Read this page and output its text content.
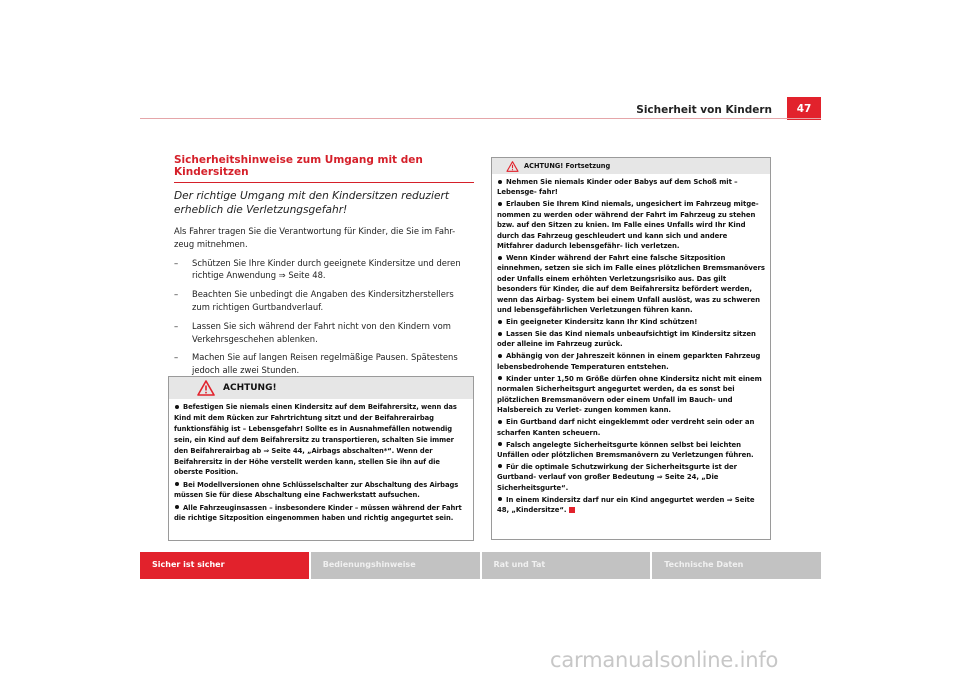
Sicherheit von Kindern	47
Sicherheitshinweise zum Umgang mit den Kindersitzen

Der richtige Umgang mit den Kindersitzen reduziert erheblich die Verletzungsgefahr!

Als Fahrer tragen Sie die Verantwortung für Kinder, die Sie im Fahr- zeug mitnehmen.

– Schützen Sie Ihre Kinder durch geeignete Kindersitze und deren richtige Anwendung ⇒ Seite 48.
– Beachten Sie unbedingt die Angaben des Kindersitzherstellers zum richtigen Gurtbandverlauf.
– Lassen Sie sich während der Fahrt nicht von den Kindern vom Verkehrsgeschehen ablenken.
– Machen Sie auf langen Reisen regelmäßige Pausen. Spätestens jedoch alle zwei Stunden.
ACHTUNG!
Befestigen Sie niemals einen Kindersitz auf dem Beifahrersitz, wenn das Kind mit dem Rücken zur Fahrtrichtung sitzt und der Beifahrerairbag funktionsfähig ist – Lebensgefahr! Sollte es in Ausnahmefällen notwendig sein, ein Kind auf dem Beifahrersitz zu transportieren, schalten Sie immer den Beifahrerairbag ab ⇒ Seite 44, „Airbags abschalten*“. Wenn der Beifahrersitz in der Höhe verstellt werden kann, stellen Sie ihn auf die oberste Position.
Bei Modellversionen ohne Schlüsselschalter zur Abschaltung des Airbags müssen Sie für diese Abschaltung eine Fachwerkstatt aufsuchen.
Alle Fahrzeuginsassen – insbesondere Kinder – müssen während der Fahrt die richtige Sitzposition eingenommen haben und richtig angegurtet sein.
ACHTUNG! Fortsetzung
Nehmen Sie niemals Kinder oder Babys auf dem Schoß mit – Lebensge- fahr!
Erlauben Sie Ihrem Kind niemals, ungesichert im Fahrzeug mitge- nommen zu werden oder während der Fahrt im Fahrzeug zu stehen bzw. auf den Sitzen zu knien. Im Falle eines Unfalls wird Ihr Kind durch das Fahrzeug geschleudert und kann sich und andere Mitfahrer dadurch lebensgefähr- lich verletzen.
Wenn Kinder während der Fahrt eine falsche Sitzposition einnehmen, setzen sie sich im Falle eines plötzlichen Bremsmanövers oder Unfalls einem erhöhten Verletzungsrisiko aus. Das gilt besonders für Kinder, die auf dem Beifahrersitz befördert werden, wenn das Airbag- System bei einem Unfall auslöst, was zu schweren und lebensgefährlichen Verletzungen führen kann.
Ein geeigneter Kindersitz kann Ihr Kind schützen!
Lassen Sie das Kind niemals unbeaufsichtigt im Kindersitz sitzen oder alleine im Fahrzeug zurück.
Abhängig von der Jahreszeit können in einem geparkten Fahrzeug lebensbedrohende Temperaturen entstehen.
Kinder unter 1,50 m Größe dürfen ohne Kindersitz nicht mit einem normalen Sicherheitsgurt angegurtet werden, da es sonst bei plötzlichen Bremsmanövern oder einem Unfall im Bauch- und Halsbereich zu Verlet- zungen kommen kann.
Ein Gurtband darf nicht eingeklemmt oder verdreht sein oder an scharfen Kanten scheuern.
Falsch angelegte Sicherheitsgurte können selbst bei leichten Unfällen oder plötzlichen Bremsmanövern zu Verletzungen führen.
Für die optimale Schutzwirkung der Sicherheitsgurte ist der Gurtband- verlauf von großer Bedeutung ⇒ Seite 24, „Die Sicherheitsgurte“.
In einem Kindersitz darf nur ein Kind angegurtet werden ⇒ Seite 48, „Kindersitze“.
Sicher ist sicher	Bedienungshinweise	Rat und Tat	Technische Daten
carmanualsonline.info
